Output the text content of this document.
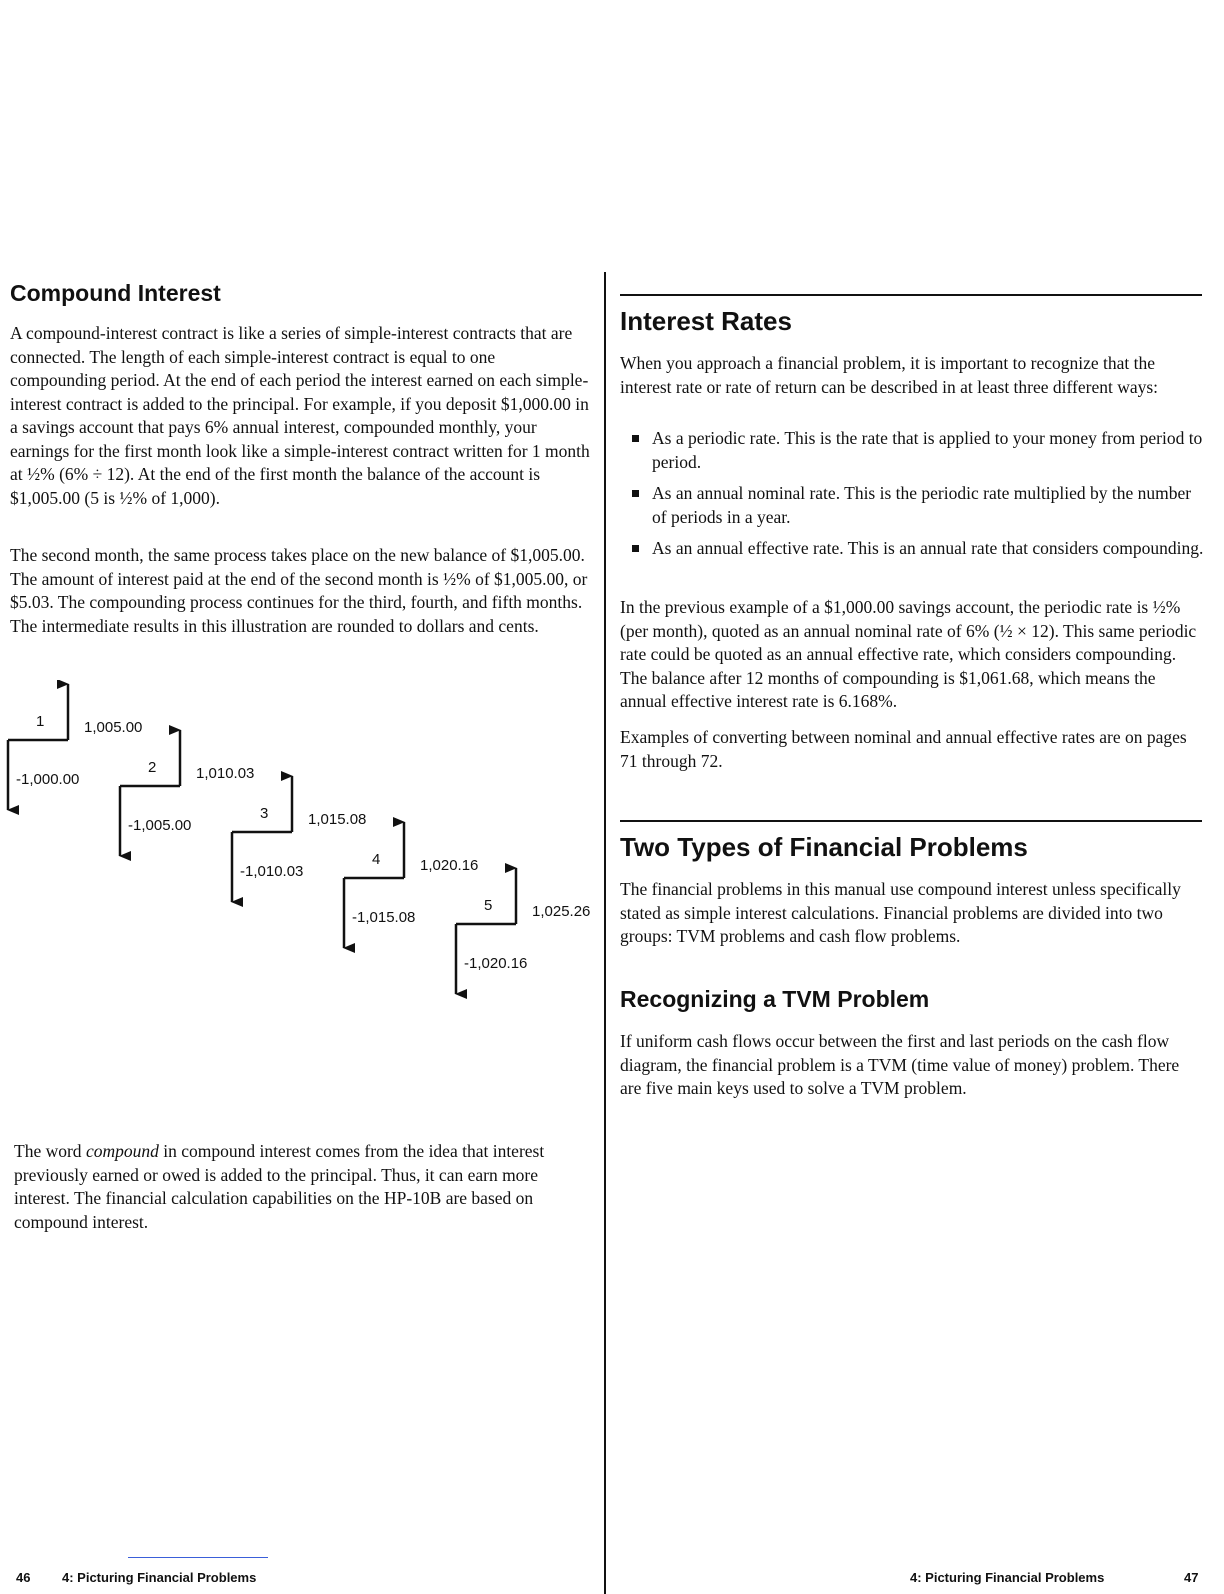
Compound Interest

A compound-interest contract is like a series of simple-interest contracts that are connected. The length of each simple-interest contract is equal to one compounding period. At the end of each period the interest earned on each simple-interest contract is added to the principal. For example, if you deposit $1,000.00 in a savings account that pays 6% annual interest, compounded monthly, your earnings for the first month look like a simple-interest contract written for 1 month at ½% (6% ÷ 12). At the end of the first month the balance of the account is $1,005.00 (5 is ½% of 1,000).

The second month, the same process takes place on the new balance of $1,005.00. The amount of interest paid at the end of the second month is ½% of $1,005.00, or $5.03. The compounding process continues for the third, fourth, and fifth months. The intermediate results in this illustration are rounded to dollars and cents.

1,005.00
-1,000.00
1
1,010.03
-1,005.00
2
1,015.08
-1,010.03
3
1,020.16
-1,015.08
4
1,025.26
-1,020.16
5

The word compound in compound interest comes from the idea that interest previously earned or owed is added to the principal. Thus, it can earn more interest. The financial calculation capabilities on the HP-10B are based on compound interest.

46 4: Picturing Financial Problems
Interest Rates

When you approach a financial problem, it is important to recognize that the interest rate or rate of return can be described in at least three different ways:

As a periodic rate. This is the rate that is applied to your money from period to period.
As an annual nominal rate. This is the periodic rate multiplied by the number of periods in a year.
As an annual effective rate. This is an annual rate that considers compounding.

In the previous example of a $1,000.00 savings account, the periodic rate is ½% (per month), quoted as an annual nominal rate of 6% (½ × 12). This same periodic rate could be quoted as an annual effective rate, which considers compounding. The balance after 12 months of compounding is $1,061.68, which means the annual effective interest rate is 6.168%.

Examples of converting between nominal and annual effective rates are on pages 71 through 72.

Two Types of Financial Problems

The financial problems in this manual use compound interest unless specifically stated as simple interest calculations. Financial problems are divided into two groups: TVM problems and cash flow problems.

Recognizing a TVM Problem

If uniform cash flows occur between the first and last periods on the cash flow diagram, the financial problem is a TVM (time value of money) problem. There are five main keys used to solve a TVM problem.

4: Picturing Financial Problems	47
